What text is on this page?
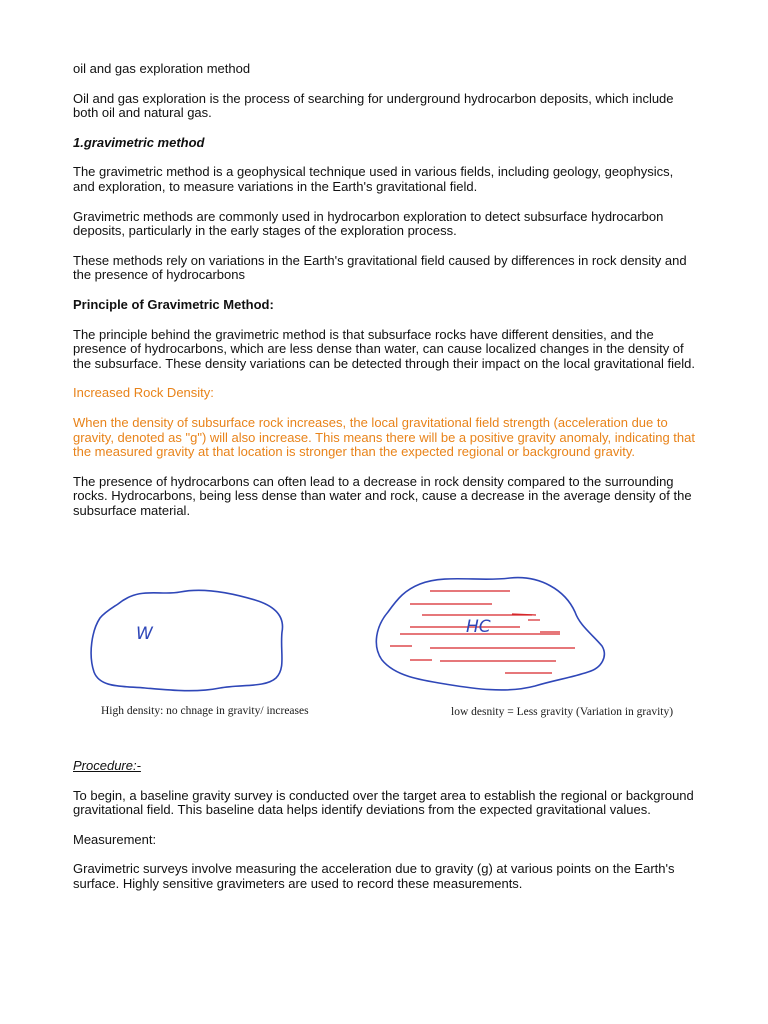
oil and gas exploration method

Oil and gas exploration is the process of searching for underground hydrocarbon deposits, which include both oil and natural gas.

1.gravimetric method

The gravimetric method is a geophysical technique used in various fields, including geology, geophysics, and exploration, to measure variations in the Earth's gravitational field.

Gravimetric methods are commonly used in hydrocarbon exploration to detect subsurface hydrocarbon deposits, particularly in the early stages of the exploration process.

These methods rely on variations in the Earth's gravitational field caused by differences in rock density and the presence of hydrocarbons

Principle of Gravimetric Method:

The principle behind the gravimetric method is that subsurface rocks have different densities, and the presence of hydrocarbons, which are less dense than water, can cause localized changes in the density of the subsurface. These density variations can be detected through their impact on the local gravitational field.

Increased Rock Density:

When the density of subsurface rock increases, the local gravitational field strength (acceleration due to gravity, denoted as "g") will also increase. This means there will be a positive gravity anomaly, indicating that the measured gravity at that location is stronger than the expected regional or background gravity.

The presence of hydrocarbons can often lead to a decrease in rock density compared to the surrounding rocks. Hydrocarbons, being less dense than water and rock, cause a decrease in the average density of the subsurface material.

W	HC
High density: no chnage in gravity/ increases	low desnity = Less gravity (Variation in gravity)

Procedure:-

To begin, a baseline gravity survey is conducted over the target area to establish the regional or background gravitational field. This baseline data helps identify deviations from the expected gravitational values.

Measurement:

Gravimetric surveys involve measuring the acceleration due to gravity (g) at various points on the Earth's surface. Highly sensitive gravimeters are used to record these measurements.
